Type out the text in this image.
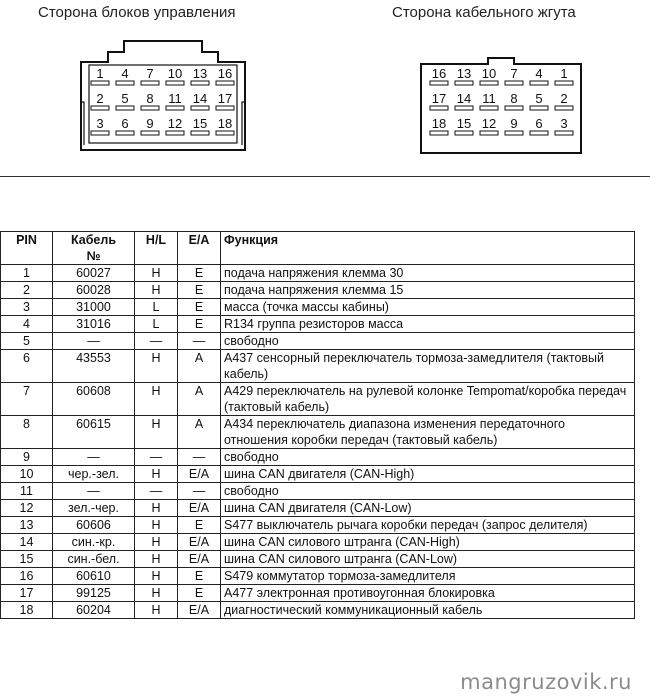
Сторона блоков управления	Сторона кабельного жгута
1 4 7 10 13 16
2 5 8 11 14 17
3 6 9 12 15 18
16 13 10 7 4 1
17 14 11 8 5 2
18 15 12 9 6 3
PIN	Кабель №	H/L	E/A	Функция
1	60027	H	E	подача напряжения клемма 30
2	60028	H	E	подача напряжения клемма 15
3	31000	L	E	масса (точка массы кабины)
4	31016	L	E	R134 группа резисторов масса
5	—	—	—	свободно
6	43553	H	A	A437 сенсорный переключатель тормоза-замедлителя (тактовый кабель)
7	60608	H	A	A429 переключатель на рулевой колонке Tempomat/коробка передач (тактовый кабель)
8	60615	H	A	A434 переключатель диапазона изменения передаточного отношения коробки передач (тактовый кабель)
9	—	—	—	свободно
10	чер.-зел.	H	E/A	шина CAN двигателя (CAN-High)
11	—	—	—	свободно
12	зел.-чер.	H	E/A	шина CAN двигателя (CAN-Low)
13	60606	H	E	S477 выключатель рычага коробки передач (запрос делителя)
14	син.-кр.	H	E/A	шина CAN силового штранга (CAN-High)
15	син.-бел.	H	E/A	шина CAN силового штранга (CAN-Low)
16	60610	H	E	S479 коммутатор тормоза-замедлителя
17	99125	H	E	A477 электронная противоугонная блокировка
18	60204	H	E/A	диагностический коммуникационный кабель
mangruzovik.ru
